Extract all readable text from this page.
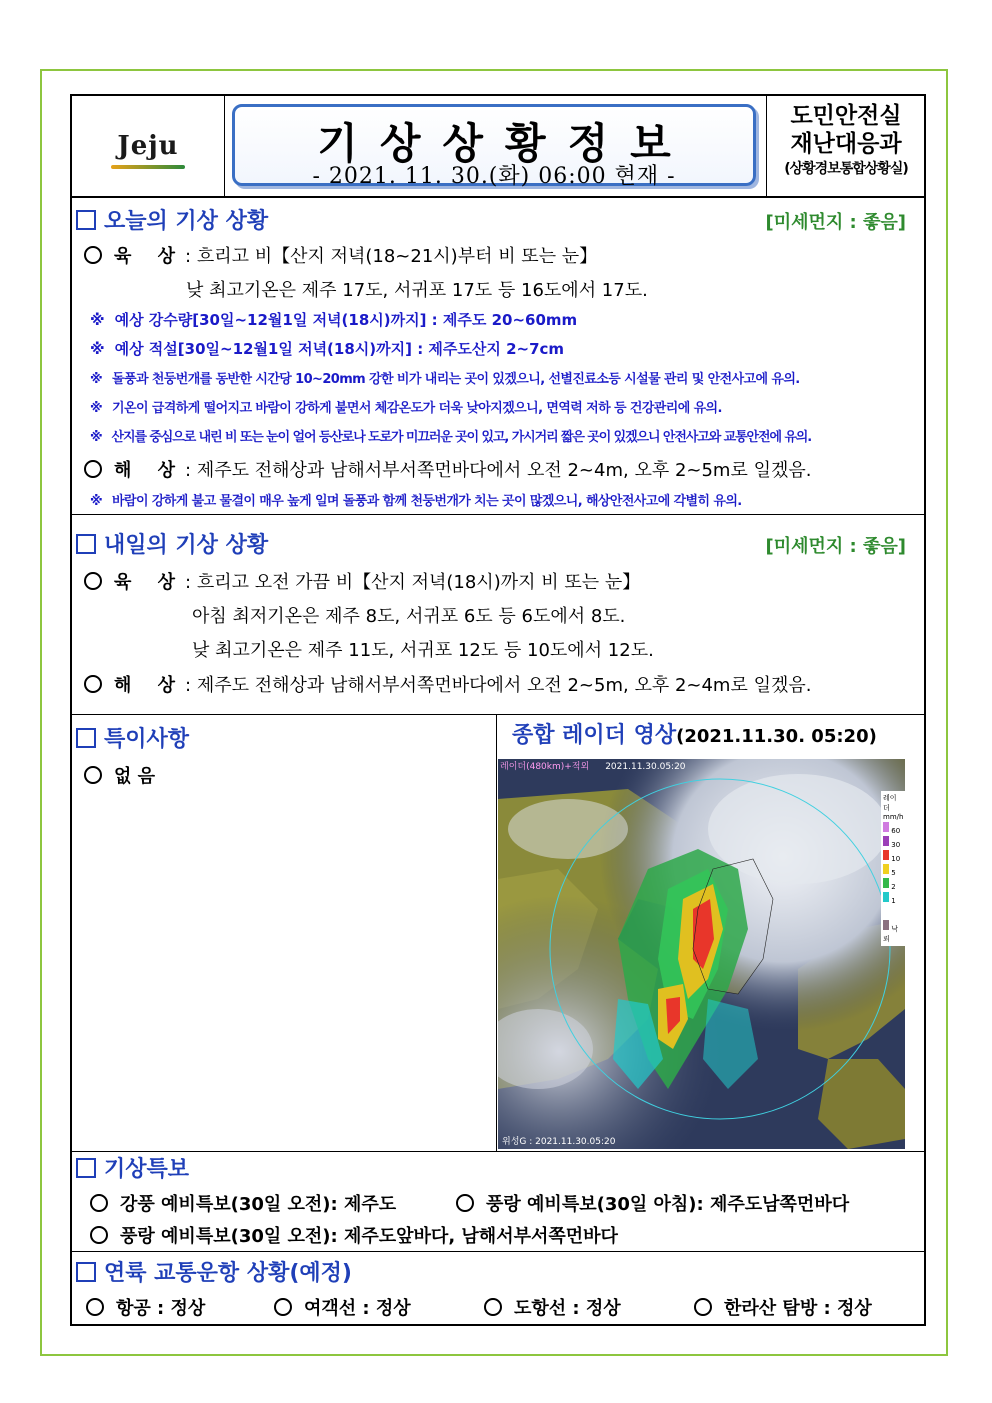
Jeju	기상상황정보
- 2021. 11. 30.(화) 06:00 현재 -
도민안전실
재난대응과
(상황경보통합상황실)
오늘의 기상 상황	[미세먼지 : 좋음]
육 상: 흐리고 비【산지 저녁(18~21시)부터 비 또는 눈】
낮 최고기온은 제주 17도, 서귀포 17도 등 16도에서 17도.
※ 예상 강수량[30일~12월1일 저녁(18시)까지] : 제주도 20~60mm
※ 예상 적설[30일~12월1일 저녁(18시)까지] : 제주도산지 2~7cm
※ 돌풍과 천둥번개를 동반한 시간당 10~20mm 강한 비가 내리는 곳이 있겠으니, 선별진료소등 시설물 관리 및 안전사고에 유의.
※ 기온이 급격하게 떨어지고 바람이 강하게 불면서 체감온도가 더욱 낮아지겠으니, 면역력 저하 등 건강관리에 유의.
※ 산지를 중심으로 내린 비 또는 눈이 얼어 등산로나 도로가 미끄러운 곳이 있고, 가시거리 짧은 곳이 있겠으니 안전사고와 교통안전에 유의.
해 상: 제주도 전해상과 남해서부서쪽먼바다에서 오전 2~4m, 오후 2~5m로 일겠음.
※ 바람이 강하게 불고 물결이 매우 높게 일며 돌풍과 함께 천둥번개가 치는 곳이 많겠으니, 해상안전사고에 각별히 유의.
내일의 기상 상황	[미세먼지 : 좋음]
육 상: 흐리고 오전 가끔 비【산지 저녁(18시)까지 비 또는 눈】
아침 최저기온은 제주 8도, 서귀포 6도 등 6도에서 8도.
낮 최고기온은 제주 11도, 서귀포 12도 등 10도에서 12도.
해 상: 제주도 전해상과 남해서부서쪽먼바다에서 오전 2~5m, 오후 2~4m로 일겠음.
특이사항
없 음
종합 레이더 영상(2021.11.30. 05:20)
레이더(480km)+적외 2021.11.30.05:20
레이더
mm/h
60
30
10
5
2
1
낙뢰
위성G : 2021.11.30.05:20
기상특보
강풍 예비특보(30일 오전): 제주도	풍랑 예비특보(30일 아침): 제주도남쪽먼바다
풍랑 예비특보(30일 오전): 제주도앞바다, 남해서부서쪽먼바다
연륙 교통운항 상황(예정)
항공 : 정상	여객선 : 정상	도항선 : 정상	한라산 탐방 : 정상
